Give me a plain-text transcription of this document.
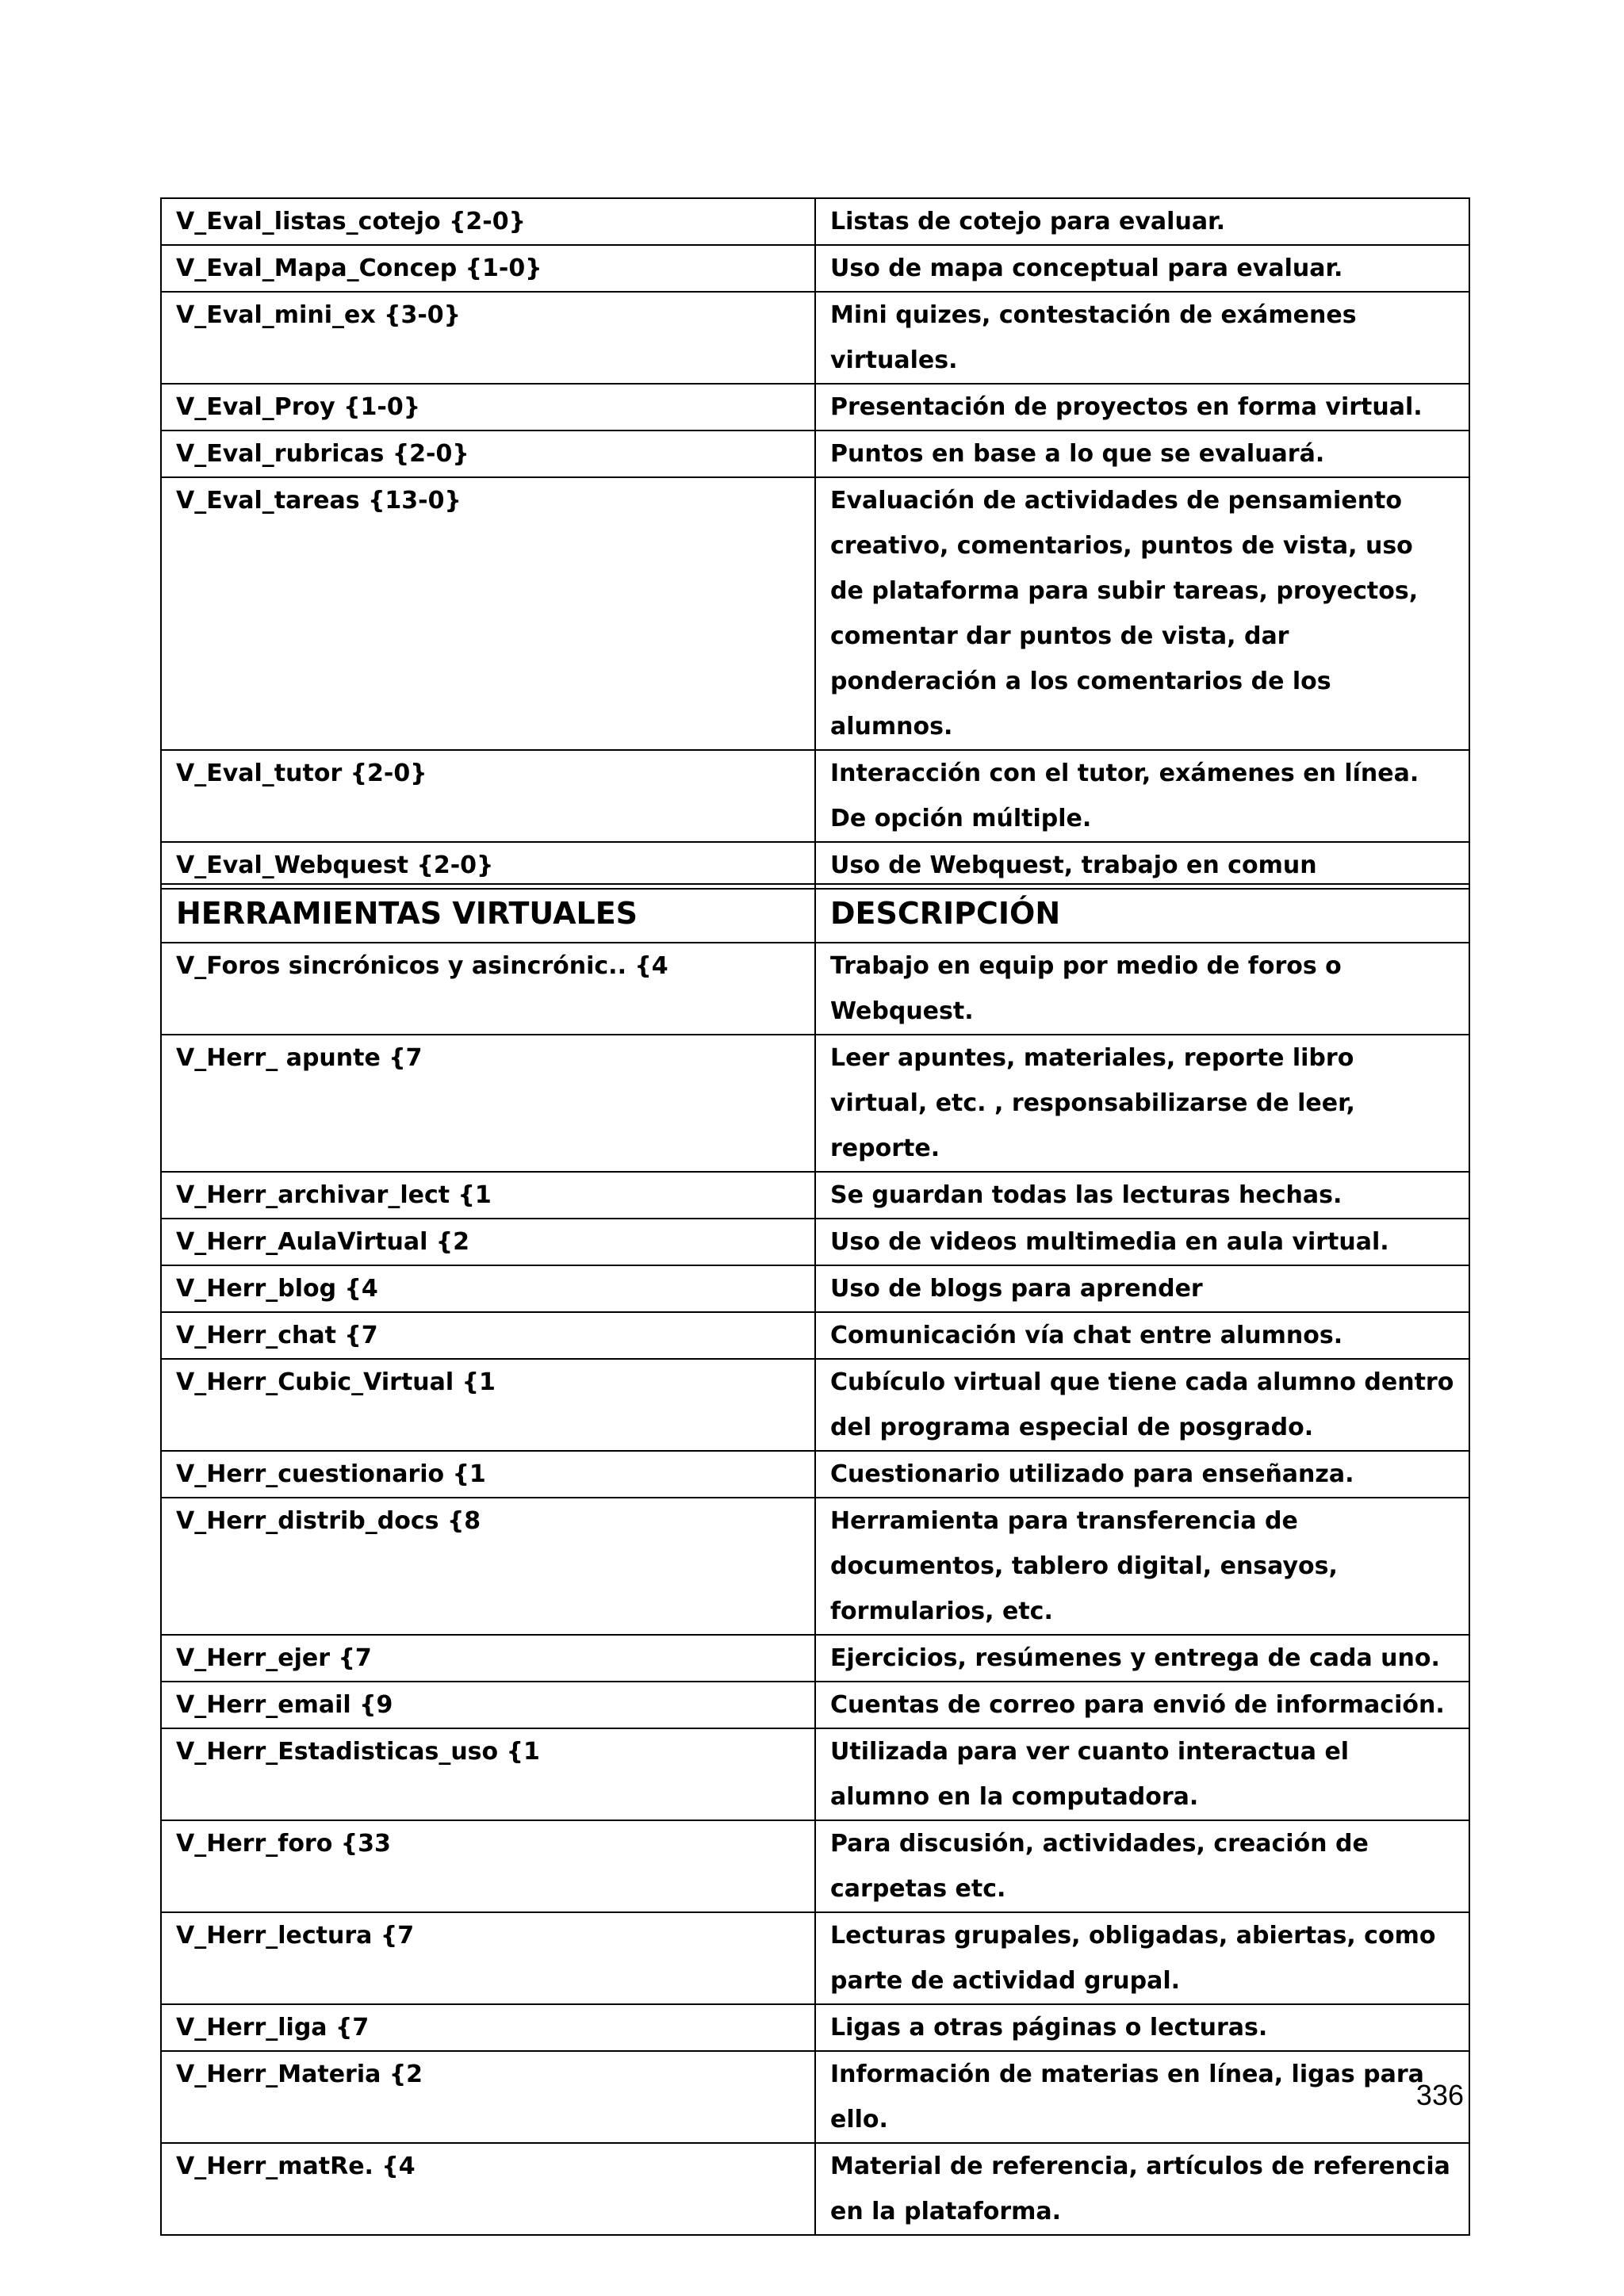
V_Eval_listas_cotejo {2-0}	Listas de cotejo para evaluar.
V_Eval_Mapa_Concep {1-0}	Uso de mapa conceptual para evaluar.
V_Eval_mini_ex {3-0}	Mini quizes, contestación de exámenes virtuales.
V_Eval_Proy {1-0}	Presentación de proyectos en forma virtual.
V_Eval_rubricas {2-0}	Puntos en base a lo que se evaluará.
V_Eval_tareas {13-0}	Evaluación de actividades de pensamiento creativo, comentarios, puntos de vista, uso de plataforma para subir tareas, proyectos, comentar dar puntos de vista, dar ponderación a los comentarios de los alumnos.
V_Eval_tutor {2-0}	Interacción con el tutor, exámenes en línea. De opción múltiple.
V_Eval_Webquest {2-0}	Uso de Webquest, trabajo en comun
HERRAMIENTAS VIRTUALES	DESCRIPCIÓN
V_Foros sincrónicos y asincrónic.. {4	Trabajo en equip por medio de foros o Webquest.
V_Herr_ apunte {7	Leer apuntes, materiales, reporte libro virtual, etc. , responsabilizarse de leer, reporte.
V_Herr_archivar_lect {1	Se guardan todas las lecturas hechas.
V_Herr_AulaVirtual {2	Uso de videos multimedia en aula virtual.
V_Herr_blog {4	Uso de blogs para aprender
V_Herr_chat {7	Comunicación vía chat entre alumnos.
V_Herr_Cubic_Virtual {1	Cubículo virtual que tiene cada alumno dentro del programa especial de posgrado.
V_Herr_cuestionario {1	Cuestionario utilizado para enseñanza.
V_Herr_distrib_docs {8	Herramienta para transferencia de documentos, tablero digital, ensayos, formularios, etc.
V_Herr_ejer {7	Ejercicios, resúmenes y entrega de cada uno.
V_Herr_email {9	Cuentas de correo para envió de información.
V_Herr_Estadisticas_uso {1	Utilizada para ver cuanto interactua el alumno en la computadora.
V_Herr_foro {33	Para discusión, actividades, creación de carpetas etc.
V_Herr_lectura {7	Lecturas grupales, obligadas, abiertas, como parte de actividad grupal.
V_Herr_liga {7	Ligas a otras páginas o lecturas.
V_Herr_Materia {2	Información de materias en línea, ligas para ello.
V_Herr_matRe. {4	Material de referencia, artículos de referencia en la plataforma.
336
